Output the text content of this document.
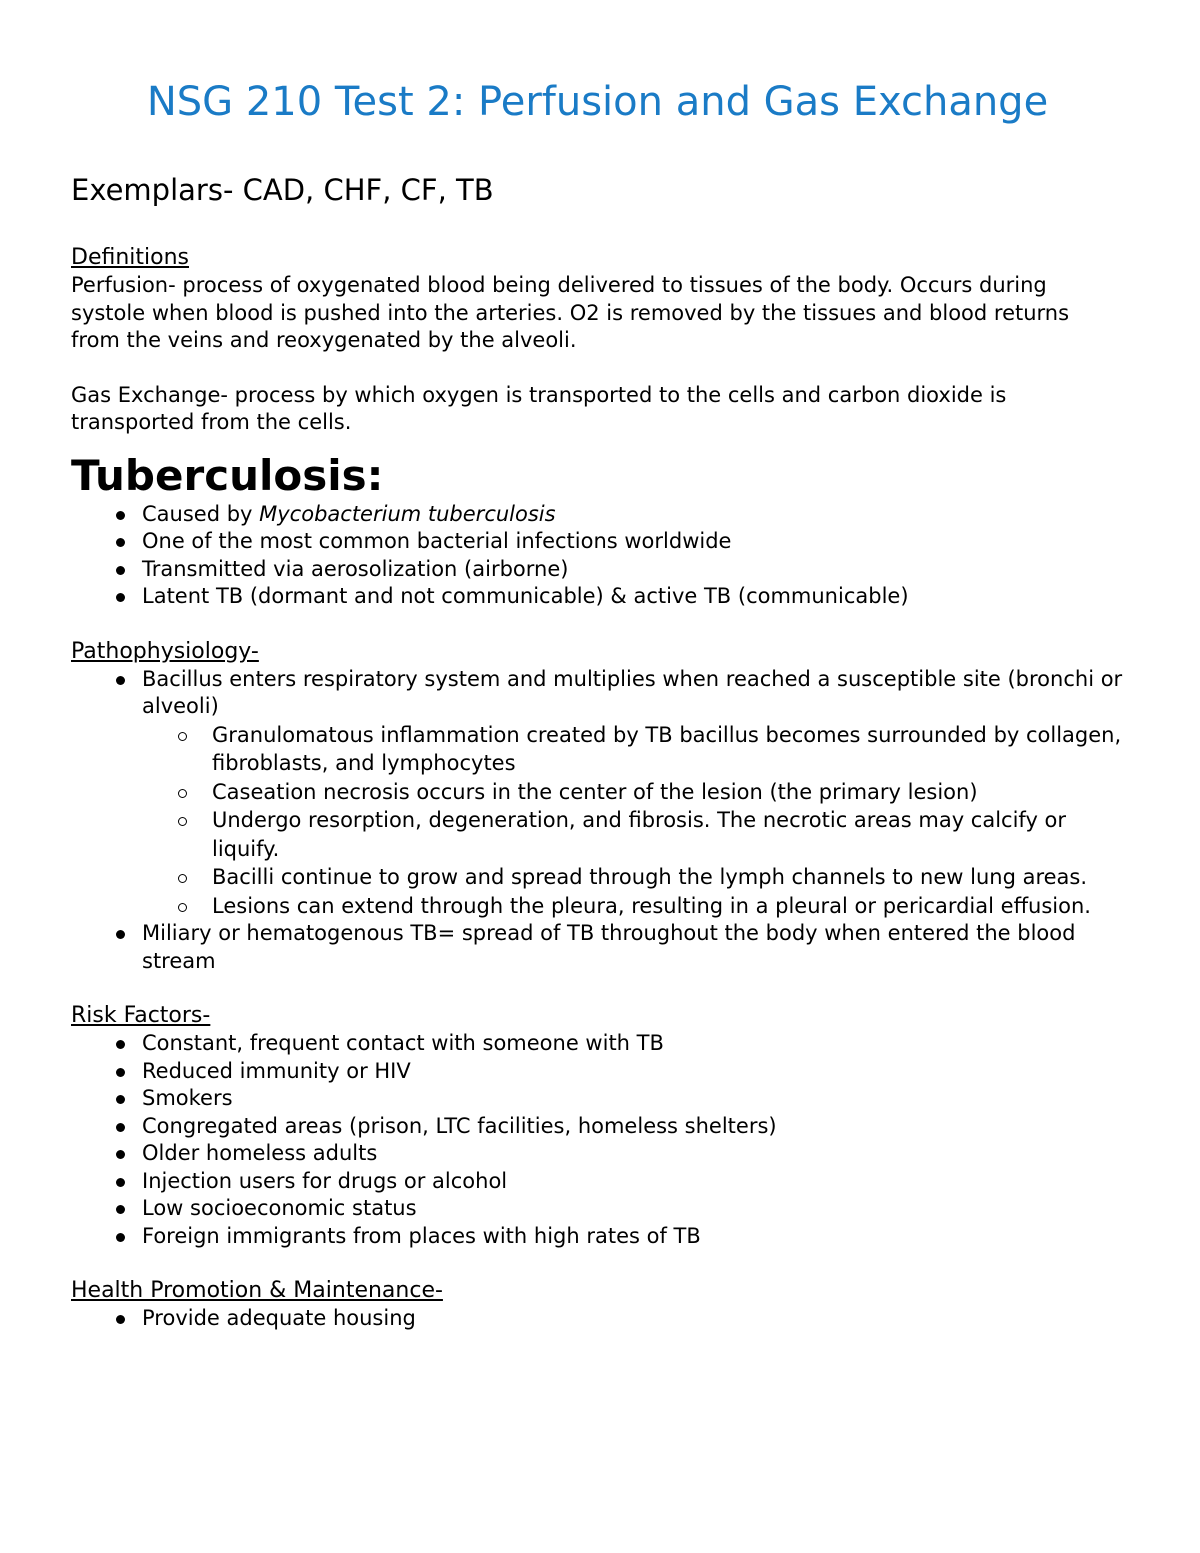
NSG 210 Test 2: Perfusion and Gas Exchange
Exemplars- CAD, CHF, CF, TB
Definitions

Perfusion- process of oxygenated blood being delivered to tissues of the body. Occurs during systole when blood is pushed into the arteries. O2 is removed by the tissues and blood returns from the veins and reoxygenated by the alveoli.

Gas Exchange- process by which oxygen is transported to the cells and carbon dioxide is transported from the cells.

Tuberculosis:
Caused by Mycobacterium tuberculosis
One of the most common bacterial infections worldwide
Transmitted via aerosolization (airborne)
Latent TB (dormant and not communicable) & active TB (communicable)
Pathophysiology-
Bacillus enters respiratory system and multiplies when reached a susceptible site (bronchi or alveoli)
Granulomatous inflammation created by TB bacillus becomes surrounded by collagen, fibroblasts, and lymphocytes
Caseation necrosis occurs in the center of the lesion (the primary lesion)
Undergo resorption, degeneration, and fibrosis. The necrotic areas may calcify or liquify.
Bacilli continue to grow and spread through the lymph channels to new lung areas.
Lesions can extend through the pleura, resulting in a pleural or pericardial effusion.
Miliary or hematogenous TB= spread of TB throughout the body when entered the blood stream
Risk Factors-
Constant, frequent contact with someone with TB
Reduced immunity or HIV
Smokers
Congregated areas (prison, LTC facilities, homeless shelters)
Older homeless adults
Injection users for drugs or alcohol
Low socioeconomic status
Foreign immigrants from places with high rates of TB
Health Promotion & Maintenance-
Provide adequate housing
